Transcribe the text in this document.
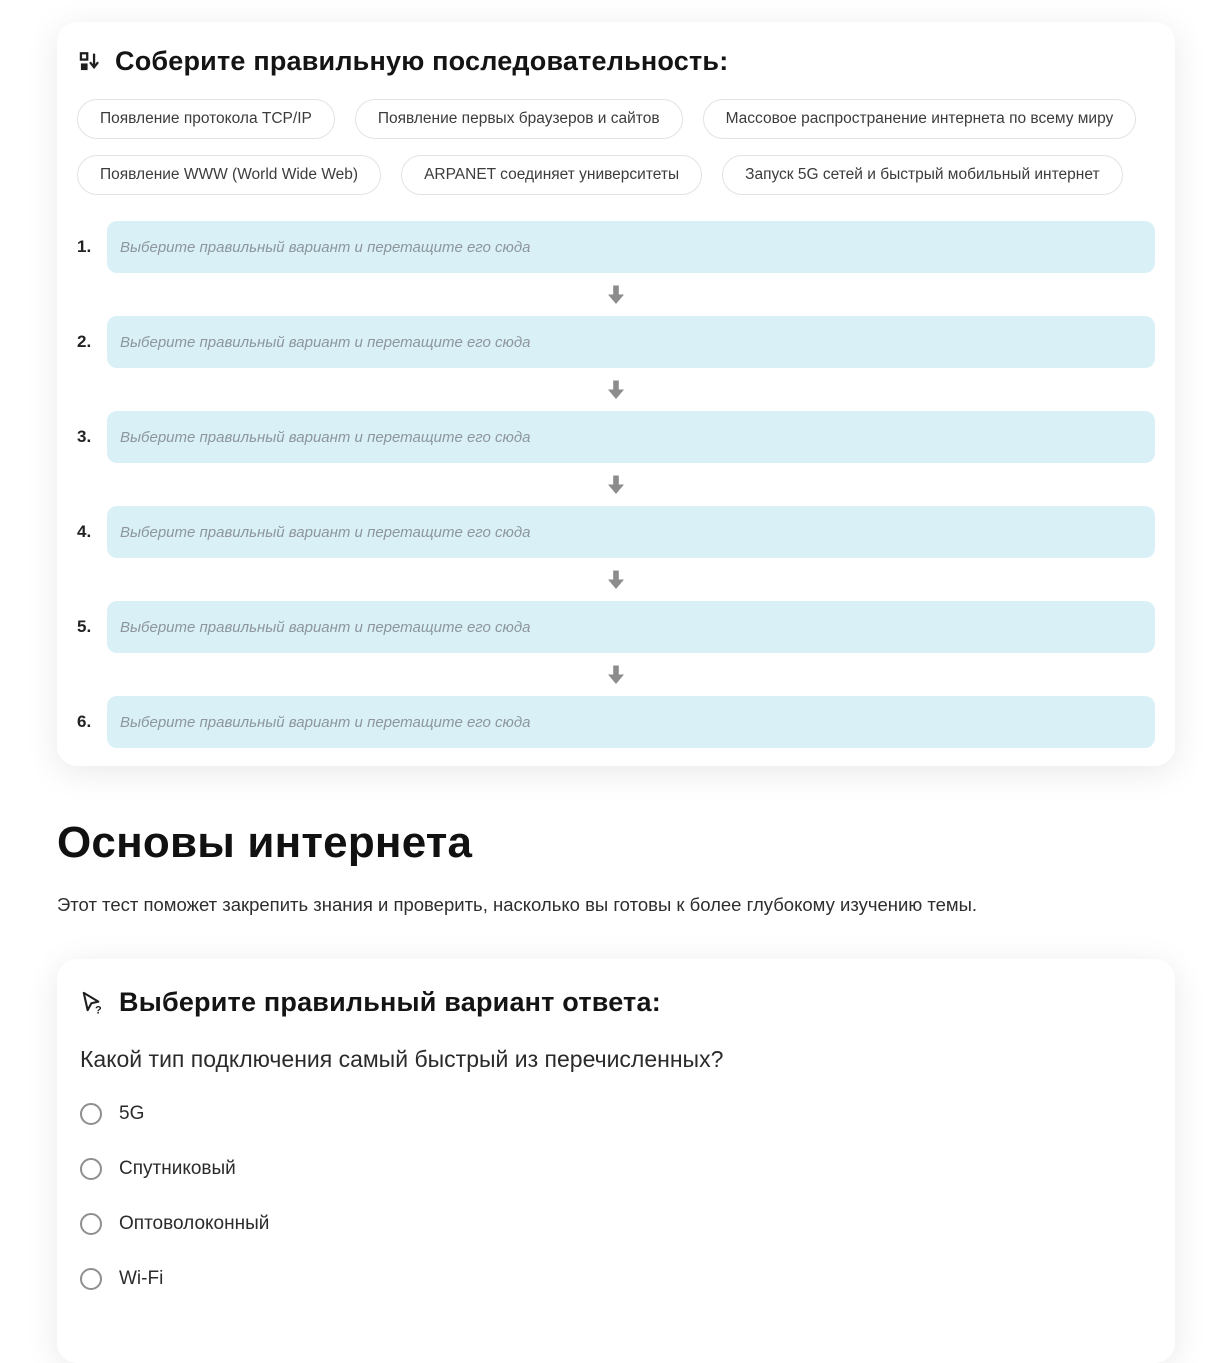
Соберите правильную последовательность:
Появление протокола TCP/IP	Появление первых браузеров и сайтов	Массовое распространение интернета по всему миру
Появление WWW (World Wide Web)	ARPANET соединяет университеты	Запуск 5G сетей и быстрый мобильный интернет
1.	Выберите правильный вариант и перетащите его сюда
2.	Выберите правильный вариант и перетащите его сюда
3.	Выберите правильный вариант и перетащите его сюда
4.	Выберите правильный вариант и перетащите его сюда
5.	Выберите правильный вариант и перетащите его сюда
6.	Выберите правильный вариант и перетащите его сюда
Основы интернета

Этот тест поможет закрепить знания и проверить, насколько вы готовы к более глубокому изучению темы.

? Выберите правильный вариант ответа:

Какой тип подключения самый быстрый из перечисленных?

5G
Спутниковый
Оптоволоконный
Wi-Fi
